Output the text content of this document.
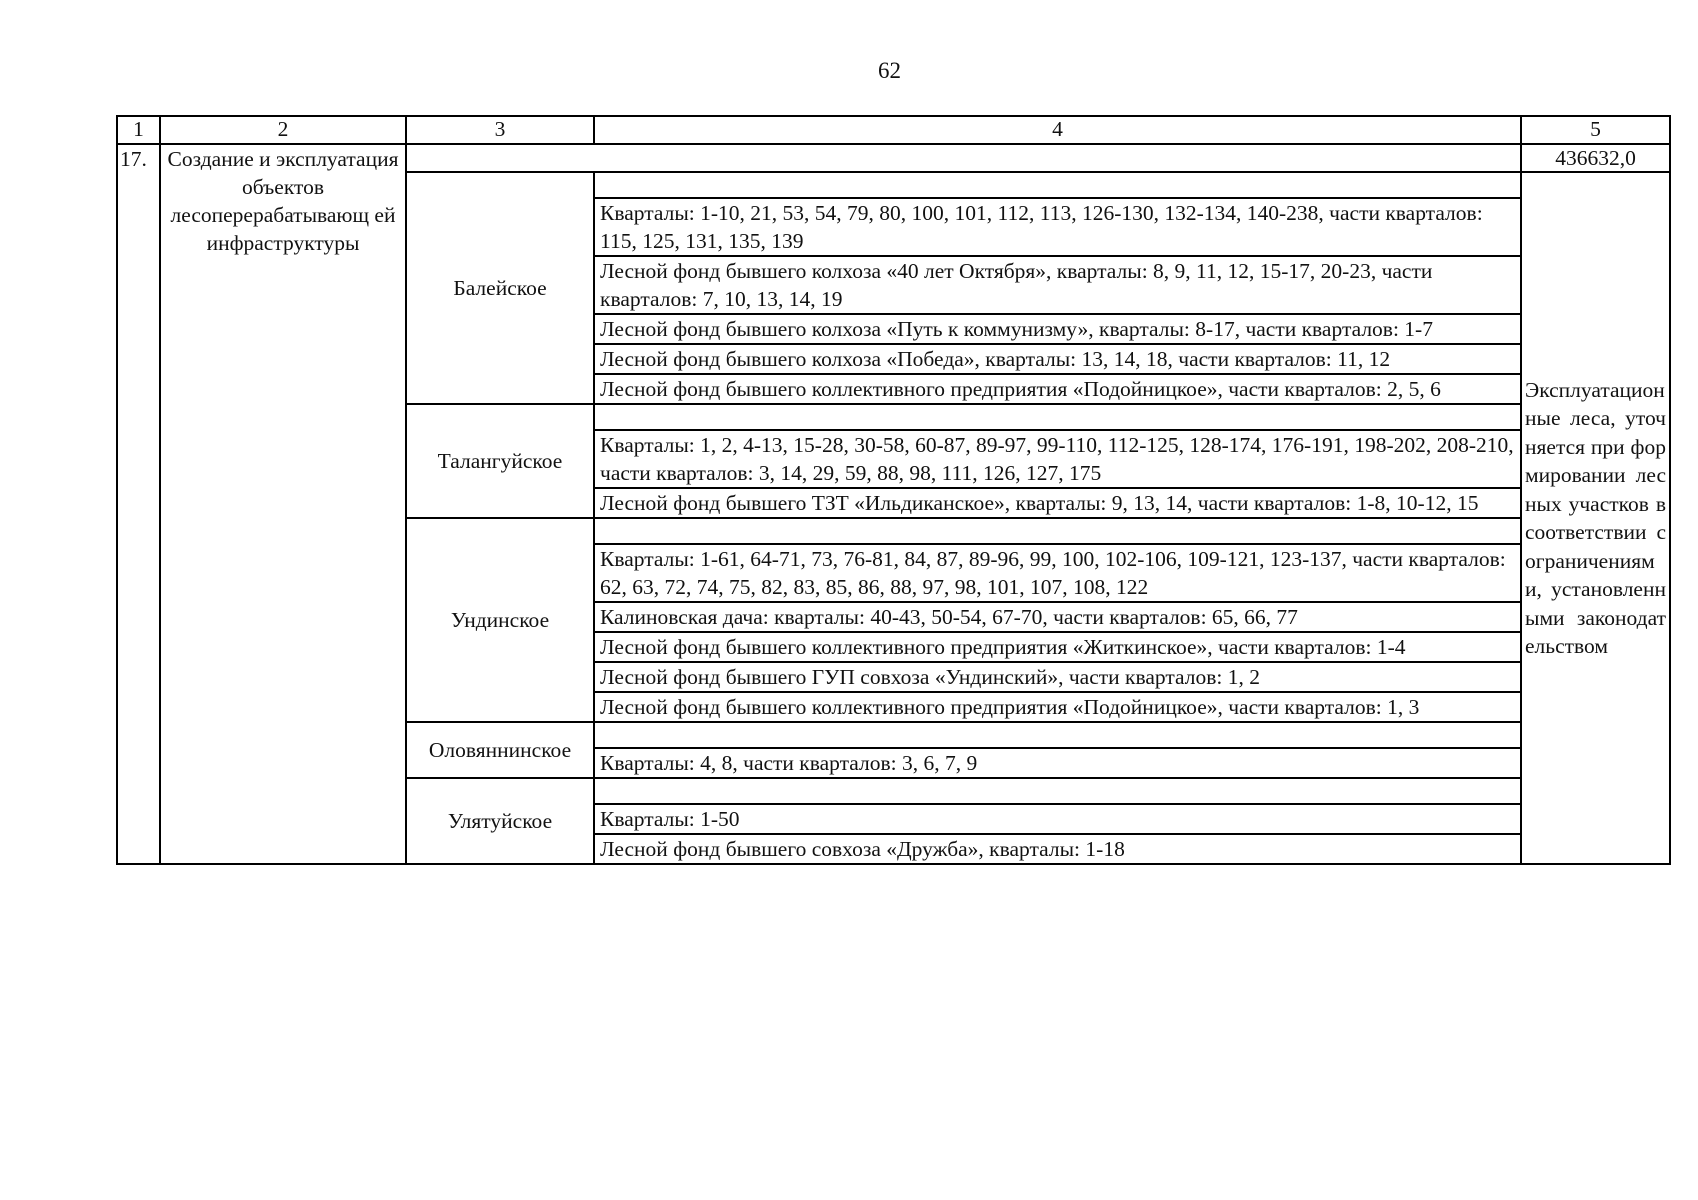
62
1	2	3	4	5
17.	Создание и эксплуатация объектов лесоперерабатывающ ей инфраструктуры			436632,0
		Балейское		Эксплуатационные леса, уточняется при формировании лесных участков в соответствии с ограничениями, установленными законодательством
			Кварталы: 1-10, 21, 53, 54, 79, 80, 100, 101, 112, 113, 126-130, 132-134, 140-238, части кварталов: 115, 125, 131, 135, 139	
			Лесной фонд бывшего колхоза «40 лет Октября», кварталы: 8, 9, 11, 12, 15-17, 20-23, части кварталов: 7, 10, 13, 14, 19	
			Лесной фонд бывшего колхоза «Путь к коммунизму», кварталы: 8-17, части кварталов: 1-7	
			Лесной фонд бывшего колхоза «Победа», кварталы: 13, 14, 18, части кварталов: 11, 12	
			Лесной фонд бывшего коллективного предприятия «Подойницкое», части кварталов: 2, 5, 6	
		Талангуйское		
			Кварталы: 1, 2, 4-13, 15-28, 30-58, 60-87, 89-97, 99-110, 112-125, 128-174, 176-191, 198-202, 208-210, части кварталов: 3, 14, 29, 59, 88, 98, 111, 126, 127, 175	
			Лесной фонд бывшего ТЗТ «Ильдиканское», кварталы: 9, 13, 14, части кварталов: 1-8, 10-12, 15	
		Ундинское		
			Кварталы: 1-61, 64-71, 73, 76-81, 84, 87, 89-96, 99, 100, 102-106, 109-121, 123-137, части кварталов: 62, 63, 72, 74, 75, 82, 83, 85, 86, 88, 97, 98, 101, 107, 108, 122	
			Калиновская дача: кварталы: 40-43, 50-54, 67-70, части кварталов: 65, 66, 77	
			Лесной фонд бывшего коллективного предприятия «Житкинское», части кварталов: 1-4	
			Лесной фонд бывшего ГУП совхоза «Ундинский», части кварталов: 1, 2	
			Лесной фонд бывшего коллективного предприятия «Подойницкое», части кварталов: 1, 3	
		Оловяннинское		
			Кварталы: 4, 8, части кварталов: 3, 6, 7, 9	
		Улятуйское		
			Кварталы: 1-50	
			Лесной фонд бывшего совхоза «Дружба», кварталы: 1-18	
